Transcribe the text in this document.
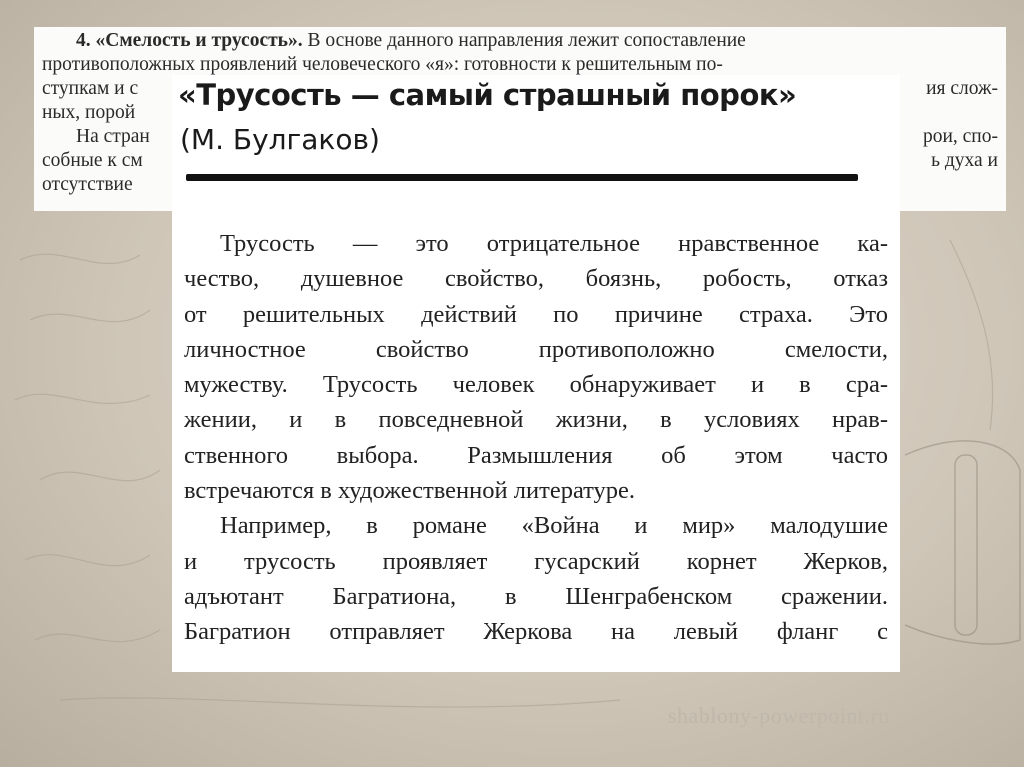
4. «Смелость и трусость». В основе данного направления лежит сопоставление
противоположных проявлений человеческого «я»: готовности к решительным по-
ступкам и с	ия слож-

ных, порой

На стран	рои, спо-

собные к см	ь духа и

отсутствие

«Трусость — самый страшный порок»
(М. Булгаков)
Трусость — это отрицательное нравственное ка-
чество, душевное свойство, боязнь, робость, отказ
от решительных действий по причине страха. Это
личностное свойство противоположно смелости,
мужеству. Трусость человек обнаруживает и в сра-
жении, и в повседневной жизни, в условиях нрав-
ственного выбора. Размышления об этом часто
встречаются в художественной литературе.
Например, в романе «Война и мир» малодушие
и трусость проявляет гусарский корнет Жерков,
адъютант Багратиона, в Шенграбенском сражении.
Багратион отправляет Жеркова на левый фланг с
shablony-powerpoint.ru
